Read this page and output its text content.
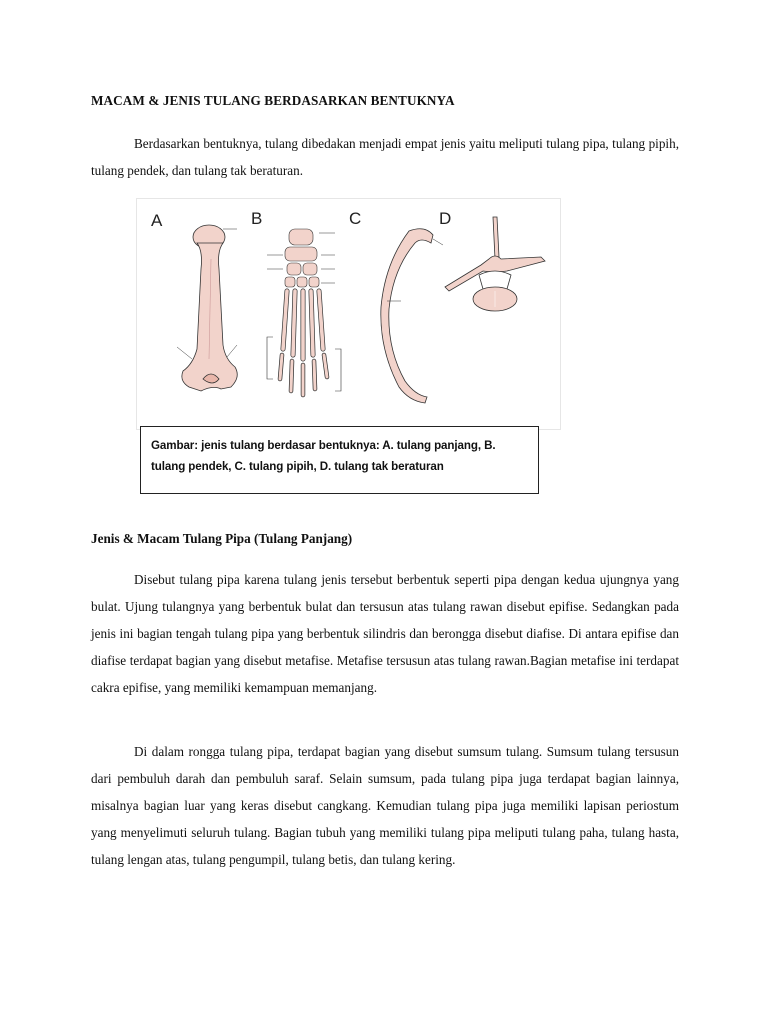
MACAM & JENIS TULANG BERDASARKAN BENTUKNYA
Berdasarkan bentuknya, tulang dibedakan menjadi empat jenis yaitu meliputi tulang pipa, tulang pipih, tulang pendek, dan tulang tak beraturan.
A	B	C	D
Gambar: jenis tulang berdasar bentuknya: A. tulang panjang, B. tulang pendek, C. tulang pipih, D. tulang tak beraturan
Jenis & Macam Tulang Pipa (Tulang Panjang)
Disebut tulang pipa karena tulang jenis tersebut berbentuk seperti pipa dengan kedua ujungnya yang bulat. Ujung tulangnya yang berbentuk bulat dan tersusun atas tulang rawan disebut epifise. Sedangkan pada jenis ini bagian tengah tulang pipa yang berbentuk silindris dan berongga disebut diafise. Di antara epifise dan diafise terdapat bagian yang disebut metafise. Metafise tersusun atas tulang rawan.Bagian metafise ini terdapat cakra epifise, yang memiliki kemampuan memanjang.
Di dalam rongga tulang pipa, terdapat bagian yang disebut sumsum tulang. Sumsum tulang tersusun dari pembuluh darah dan pembuluh saraf. Selain sumsum, pada tulang pipa juga terdapat bagian lainnya, misalnya bagian luar yang keras disebut cangkang. Kemudian tulang pipa juga memiliki lapisan periostum yang menyelimuti seluruh tulang. Bagian tubuh yang memiliki tulang pipa meliputi tulang paha, tulang hasta, tulang lengan atas, tulang pengumpil, tulang betis, dan tulang kering.
